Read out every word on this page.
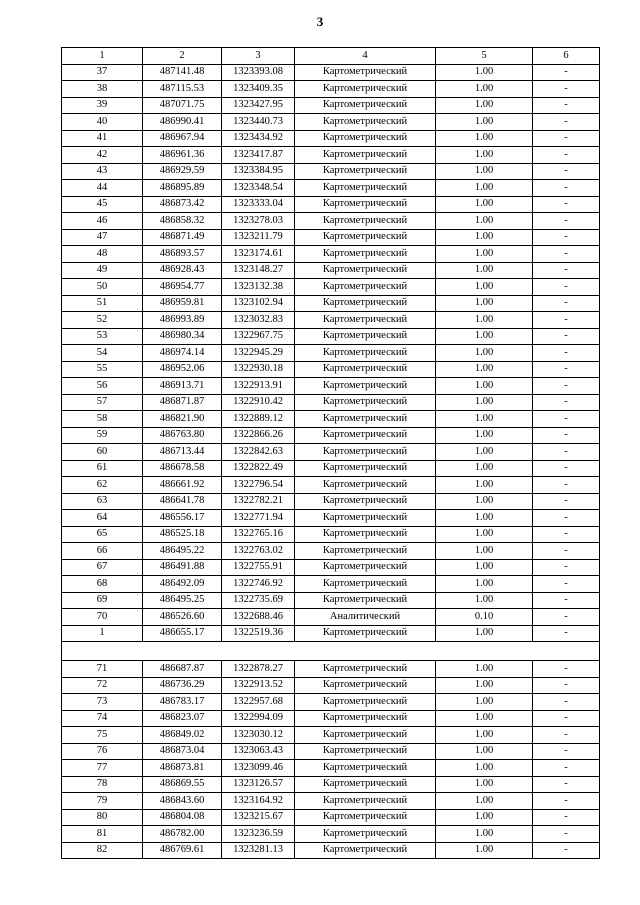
3
1	2	3	4	5	6
37	487141.48	1323393.08	Картометрический	1.00	-
38	487115.53	1323409.35	Картометрический	1.00	-
39	487071.75	1323427.95	Картометрический	1.00	-
40	486990.41	1323440.73	Картометрический	1.00	-
41	486967.94	1323434.92	Картометрический	1.00	-
42	486961.36	1323417.87	Картометрический	1.00	-
43	486929.59	1323384.95	Картометрический	1.00	-
44	486895.89	1323348.54	Картометрический	1.00	-
45	486873.42	1323333.04	Картометрический	1.00	-
46	486858.32	1323278.03	Картометрический	1.00	-
47	486871.49	1323211.79	Картометрический	1.00	-
48	486893.57	1323174.61	Картометрический	1.00	-
49	486928.43	1323148.27	Картометрический	1.00	-
50	486954.77	1323132.38	Картометрический	1.00	-
51	486959.81	1323102.94	Картометрический	1.00	-
52	486993.89	1323032.83	Картометрический	1.00	-
53	486980.34	1322967.75	Картометрический	1.00	-
54	486974.14	1322945.29	Картометрический	1.00	-
55	486952.06	1322930.18	Картометрический	1.00	-
56	486913.71	1322913.91	Картометрический	1.00	-
57	486871.87	1322910.42	Картометрический	1.00	-
58	486821.90	1322889.12	Картометрический	1.00	-
59	486763.80	1322866.26	Картометрический	1.00	-
60	486713.44	1322842.63	Картометрический	1.00	-
61	486678.58	1322822.49	Картометрический	1.00	-
62	486661.92	1322796.54	Картометрический	1.00	-
63	486641.78	1322782.21	Картометрический	1.00	-
64	486556.17	1322771.94	Картометрический	1.00	-
65	486525.18	1322765.16	Картометрический	1.00	-
66	486495.22	1322763.02	Картометрический	1.00	-
67	486491.88	1322755.91	Картометрический	1.00	-
68	486492.09	1322746.92	Картометрический	1.00	-
69	486495.25	1322735.69	Картометрический	1.00	-
70	486526.60	1322688.46	Аналитический	0.10	-
1	486655.17	1322519.36	Картометрический	1.00	-

71	486687.87	1322878.27	Картометрический	1.00	-
72	486736.29	1322913.52	Картометрический	1.00	-
73	486783.17	1322957.68	Картометрический	1.00	-
74	486823.07	1322994.09	Картометрический	1.00	-
75	486849.02	1323030.12	Картометрический	1.00	-
76	486873.04	1323063.43	Картометрический	1.00	-
77	486873.81	1323099.46	Картометрический	1.00	-
78	486869.55	1323126.57	Картометрический	1.00	-
79	486843.60	1323164.92	Картометрический	1.00	-
80	486804.08	1323215.67	Картометрический	1.00	-
81	486782.00	1323236.59	Картометрический	1.00	-
82	486769.61	1323281.13	Картометрический	1.00	-
